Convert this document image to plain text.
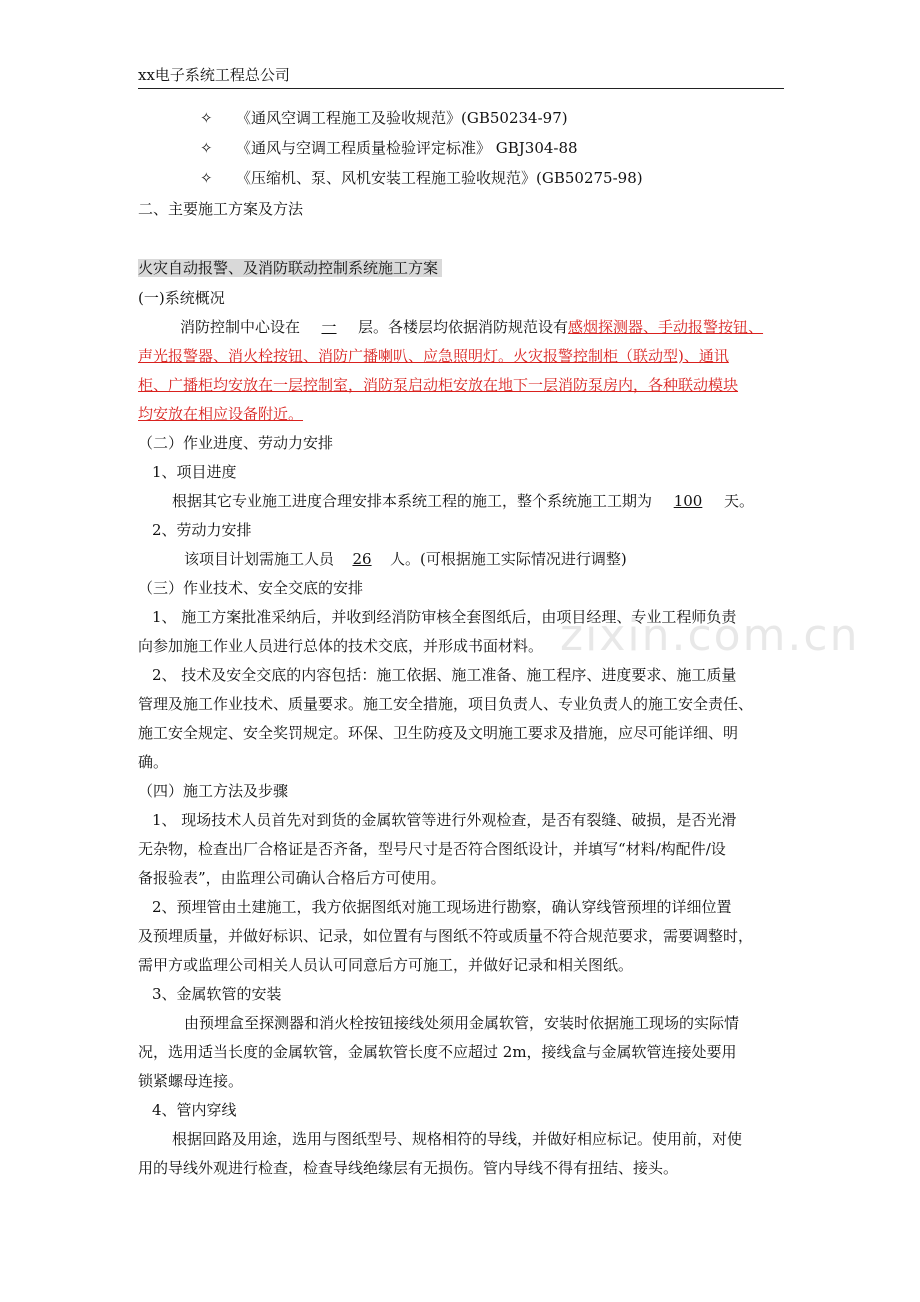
xx电子系统工程总公司
✧ 《通风空调工程施工及验收规范》(GB50234-97)
✧ 《通风与空调工程质量检验评定标准》 GBJ304-88
✧ 《压缩机、泵、风机安装工程施工验收规范》(GB50275-98)
二、主要施工方案及方法
火灾自动报警、及消防联动控制系统施工方案
(一)系统概况
消防控制中心设在 一 层。各楼层均依据消防规范设有感烟探测器、手动报警按钮、
声光报警器、消火栓按钮、消防广播喇叭、应急照明灯。火灾报警控制柜（联动型)、通讯
柜、广播柜均安放在一层控制室，消防泵启动柜安放在地下一层消防泵房内，各种联动模块
均安放在相应设备附近。
（二）作业进度、劳动力安排
1、项目进度
根据其它专业施工进度合理安排本系统工程的施工，整个系统施工工期为 100 天。
2、劳动力安排
该项目计划需施工人员 26 人。(可根据施工实际情况进行调整)
（三）作业技术、安全交底的安排
1、 施工方案批准采纳后，并收到经消防审核全套图纸后，由项目经理、专业工程师负责
向参加施工作业人员进行总体的技术交底，并形成书面材料。
2、 技术及安全交底的内容包括：施工依据、施工准备、施工程序、进度要求、施工质量
管理及施工作业技术、质量要求。施工安全措施，项目负责人、专业负责人的施工安全责任、
施工安全规定、安全奖罚规定。环保、卫生防疫及文明施工要求及措施，应尽可能详细、明
确。
（四）施工方法及步骤
1、 现场技术人员首先对到货的金属软管等进行外观检查，是否有裂缝、破损，是否光滑
无杂物，检查出厂合格证是否齐备，型号尺寸是否符合图纸设计，并填写“材料/构配件/设
备报验表”，由监理公司确认合格后方可使用。
2、预埋管由土建施工，我方依据图纸对施工现场进行勘察，确认穿线管预埋的详细位置
及预埋质量，并做好标识、记录，如位置有与图纸不符或质量不符合规范要求，需要调整时，
需甲方或监理公司相关人员认可同意后方可施工，并做好记录和相关图纸。
3、金属软管的安装
由预埋盒至探测器和消火栓按钮接线处须用金属软管，安装时依据施工现场的实际情
况，选用适当长度的金属软管，金属软管长度不应超过 2m，接线盒与金属软管连接处要用
锁紧螺母连接。
4、管内穿线
根据回路及用途，选用与图纸型号、规格相符的导线，并做好相应标记。使用前，对使
用的导线外观进行检查，检查导线绝缘层有无损伤。管内导线不得有扭结、接头。
zixin.com.cn
